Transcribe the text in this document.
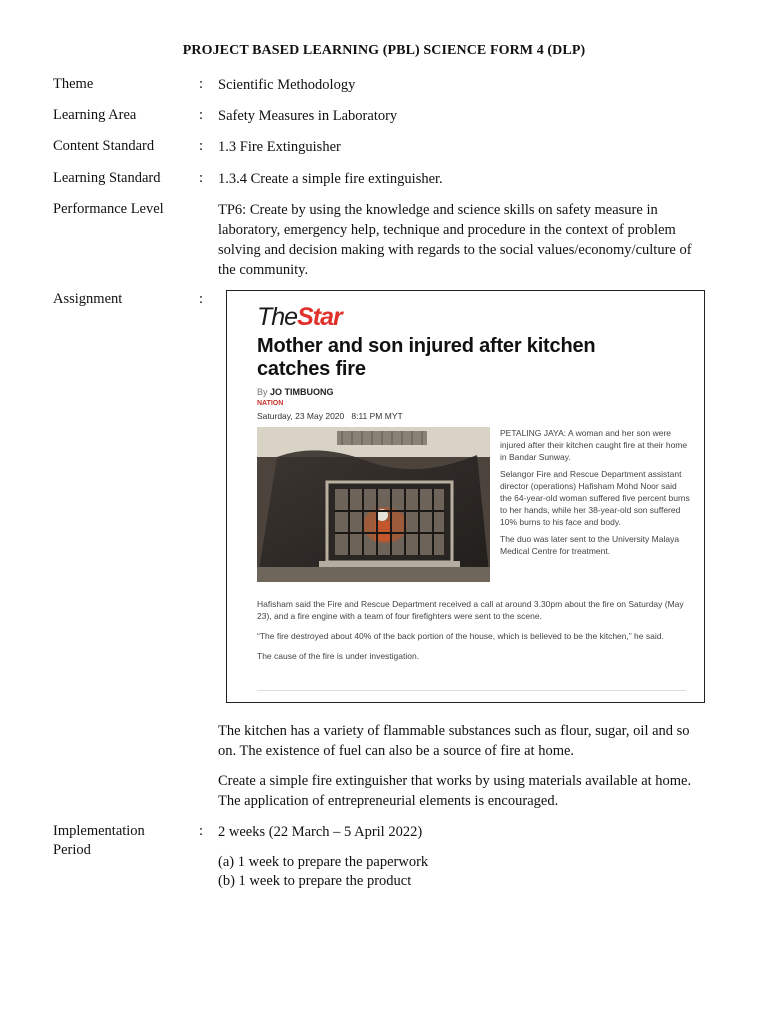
PROJECT BASED LEARNING (PBL) SCIENCE FORM 4 (DLP)
Theme	: Scientific Methodology
Learning Area	: Safety Measures in Laboratory
Content Standard	: 1.3 Fire Extinguisher
Learning Standard	: 1.3.4 Create a simple fire extinguisher.
Performance Level	TP6: Create by using the knowledge and science skills on safety measure in laboratory, emergency help, technique and procedure in the context of problem solving and decision making with regards to the social values/economy/culture of the community.
Assignment	:
TheStar
Mother and son injured after kitchen
catches fire
By JO TIMBUONG
NATION
Saturday, 23 May 2020 8:11 PM MYT

PETALING JAYA: A woman and her son were injured after their kitchen caught fire at their home in Bandar Sunway.

Selangor Fire and Rescue Department assistant director (operations) Hafisham Mohd Noor said the 64-year-old woman suffered five percent burns to her hands, while her 38-year-old son suffered 10% burns to his face and body.

The duo was later sent to the University Malaya Medical Centre for treatment.

Hafisham said the Fire and Rescue Department received a call at around 3.30pm about the fire on Saturday (May 23), and a fire engine with a team of four firefighters were sent to the scene.

“The fire destroyed about 40% of the back portion of the house, which is believed to be the kitchen,” he said.

The cause of the fire is under investigation.

The kitchen has a variety of flammable substances such as flour, sugar, oil and so on. The existence of fuel can also be a source of fire at home.
Create a simple fire extinguisher that works by using materials available at home. The application of entrepreneurial elements is encouraged.
Implementation
Period
: 2 weeks (22 March – 5 April 2022)
(a) 1 week to prepare the paperwork
(b) 1 week to prepare the product
